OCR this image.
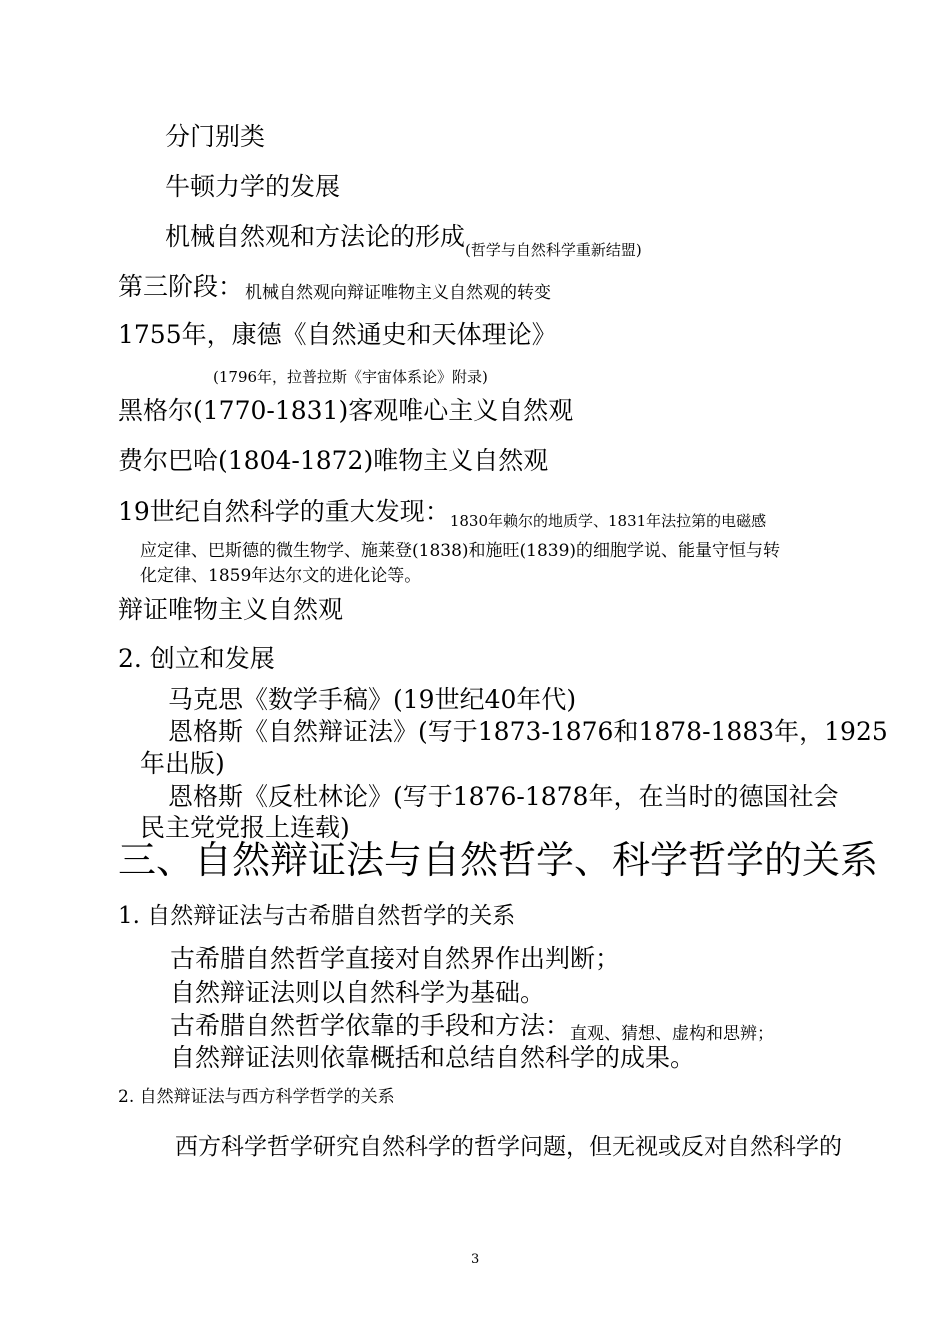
分门别类
牛顿力学的发展
机械自然观和方法论的形成$_{(哲学与自然科学重新结盟)}$
第三阶段： 机械自然观向辩证唯物主义自然观的转变
1755年，康德《自然通史和天体理论》
(1796年，拉普拉斯《宇宙体系论》附录)
黑格尔(1770-1831)客观唯心主义自然观
费尔巴哈(1804-1872)唯物主义自然观
19世纪自然科学的重大发现：$_{1830年赖尔的地质学、1831年法拉第的电磁感}$
应定律、巴斯德的微生物学、施莱登(1838)和施旺(1839)的细胞学说、能量守恒与转
化定律、1859年达尔文的进化论等。
辩证唯物主义自然观
2. 创立和发展
马克思《数学手稿》(19世纪40年代)
恩格斯《自然辩证法》(写于1873-1876和1878-1883年，1925
年出版)
恩格斯《反杜林论》(写于1876-1878年，在当时的德国社会
民主党党报上连载)
三、自然辩证法与自然哲学、科学哲学的关系
1. 自然辩证法与古希腊自然哲学的关系
古希腊自然哲学直接对自然界作出判断；
自然辩证法则以自然科学为基础。
古希腊自然哲学依靠的手段和方法：$_{直观、猜想、虚构和思辨;}$
自然辩证法则依靠概括和总结自然科学的成果。
2. 自然辩证法与西方科学哲学的关系
西方科学哲学研究自然科学的哲学问题，但无视或反对自然科学的
3
